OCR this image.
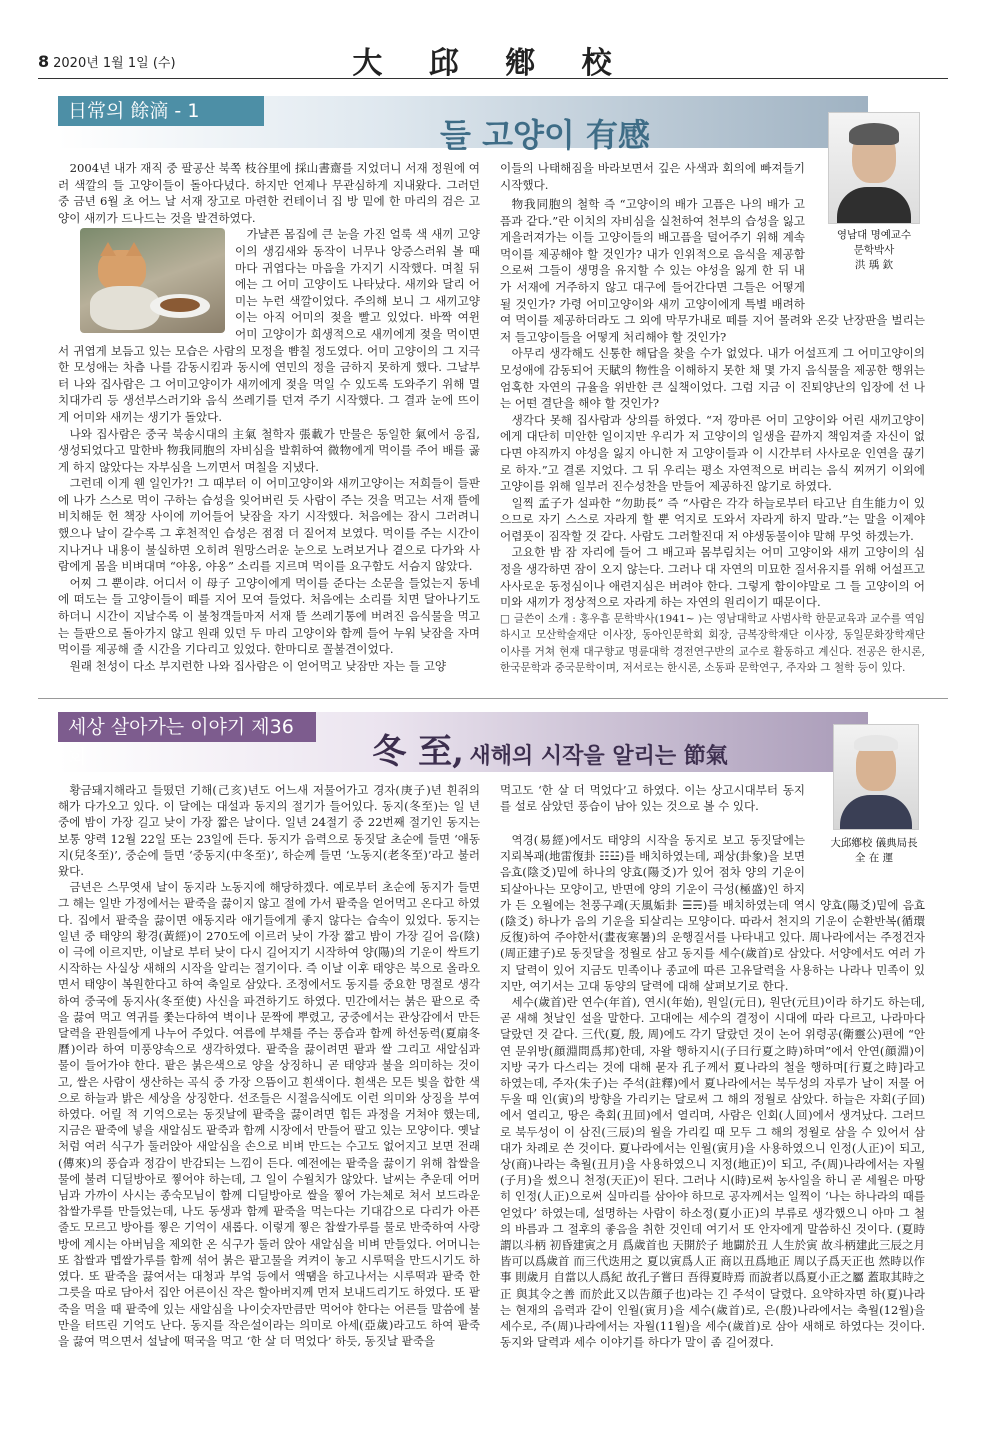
8 2020년 1월 1일 (수)	大 邱 鄕 校
日常의 餘滴 - 1
들 고양이 有感
영남대 명예교수
문학박사
洪 瑀 欽

2004년 내가 재직 중 팔공산 북쪽 枝谷里에 採山書齋를 지었더니 서재 정원에 여러 색깔의 들 고양이들이 돌아다녔다. 하지만 언제나 무관심하게 지내왔다. 그러던 중 금년 6월 초 어느 날 서재 장고로 마련한 컨테이너 집 방 밑에 한 마리의 검은 고양이 새끼가 드나드는 것을 발견하였다.

가냘픈 몸집에 큰 눈을 가진 얼룩 색 새끼 고양이의 생김새와 동작이 너무나 앙증스러워 볼 때마다 귀엽다는 마음을 가지기 시작했다. 며칠 뒤에는 그 어미 고양이도 나타났다. 새끼와 달리 어미는 누런 색깔이었다. 주의해 보니 그 새끼고양이는 아직 어미의 젖을 빨고 있었다. 바짝 여윈 어미 고양이가 희생적으로 새끼에게 젖을 먹이면서 귀엽게 보듬고 있는 모습은 사람의 모정을 뺨칠 정도였다. 어미 고양이의 그 지극한 모성애는 차츰 나를 감동시킴과 동시에 연민의 정을 금하지 못하게 했다. 그날부터 나와 집사람은 그 어미고양이가 새끼에게 젖을 먹일 수 있도록 도와주기 위해 멸치대가리 등 생선부스러기와 음식 쓰레기를 던져 주기 시작했다. 그 결과 눈에 뜨이게 어미와 새끼는 생기가 돌았다.

나와 집사람은 중국 북송시대의 主氣 철학자 張載가 만물은 동일한 氣에서 응집, 생성되었다고 말한바 物我同胞의 자비심을 발휘하여 微物에게 먹이를 주어 배를 곯게 하지 않았다는 자부심을 느끼면서 며칠을 지냈다.

그런데 이게 웬 일인가?! 그 때부터 이 어미고양이와 새끼고양이는 저희들이 들판에 나가 스스로 먹이 구하는 습성을 잊어버린 듯 사람이 주는 것을 먹고는 서재 뜰에 비치해둔 헌 책장 사이에 끼어들어 낮잠을 자기 시작했다. 처음에는 잠시 그러려니 했으나 날이 갈수록 그 후천적인 습성은 점점 더 짙어져 보였다. 먹이를 주는 시간이 지나거나 내용이 불실하면 오히려 원망스러운 눈으로 노려보거나 곁으로 다가와 사람에게 몸을 비벼대며 “야옹, 야옹” 소리를 지르며 먹이를 요구함도 서슴지 않았다.

어찌 그 뿐이랴. 어디서 이 母子 고양이에게 먹이를 준다는 소문을 들었는지 동네에 떠도는 들 고양이들이 떼를 지어 모여 들었다. 처음에는 소리를 치면 달아나기도 하더니 시간이 지날수록 이 불청객들마저 서재 뜰 쓰레기통에 버려진 음식물을 먹고는 들판으로 돌아가지 않고 원래 있던 두 마리 고양이와 함께 들어 누워 낮잠을 자며 먹이를 제공해 줄 시간을 기다리고 있었다. 한마디로 꼴불견이었다.

원래 천성이 다소 부지런한 나와 집사람은 이 얻어먹고 낮잠만 자는 들 고양

이들의 나태해짐을 바라보면서 깊은 사색과 회의에 빠져들기 시작했다.

物我同胞의 철학 즉 “고양이의 배가 고픔은 나의 배가 고픔과 같다.”란 이치의 자비심을 실천하여 천부의 습성을 잃고 게을러져가는 이들 고양이들의 배고픔을 덜어주기 위해 계속 먹이를 제공해야 할 것인가? 내가 인위적으로 음식을 제공함으로써 그들이 생명을 유지할 수 있는 야성을 잃게 한 뒤 내가 서재에 거주하지 않고 대구에 들어간다면 그들은 어떻게 될 것인가? 가령 어미고양이와 새끼 고양이에게 특별 배려하여 먹이를 제공하더라도 그 외에 막무가내로 떼를 지어 몰려와 온갖 난장판을 벌리는 저 들고양이들을 어떻게 처리해야 할 것인가?

아무리 생각해도 신통한 해답을 찾을 수가 없었다. 내가 어설프게 그 어미고양이의 모성애에 감동되어 天賦의 物性을 이해하지 못한 채 몇 가지 음식물을 제공한 행위는 엄혹한 자연의 규율을 위반한 큰 실책이었다. 그럼 지금 이 진퇴양난의 입장에 선 나는 어떤 결단을 해야 할 것인가?

생각다 못해 집사람과 상의를 하였다. “저 깡마른 어미 고양이와 어린 새끼고양이에게 대단히 미안한 일이지만 우리가 저 고양이의 일생을 끝까지 책임져줄 자신이 없다면 야직까지 야성을 잃지 아니한 저 고양이들과 이 시간부터 사사로운 인연을 끊기로 하자.”고 결론 지었다. 그 뒤 우리는 평소 자연적으로 버리는 음식 찌꺼기 이외에 고양이를 위해 일부러 진수성찬을 만들어 제공하진 않기로 하였다.

일찍 孟子가 설파한 “勿助長” 즉 “사람은 각각 하늘로부터 타고난 自生能力이 있으므로 자기 스스로 자라게 할 뿐 억지로 도와서 자라게 하지 말라.”는 말을 이제야 어렴풋이 짐작할 것 같다. 사람도 그러할진대 저 야생동물이야 말해 무엇 하겠는가.

고요한 밤 잠 자리에 들어 그 배고파 몸부림치는 어미 고양이와 새끼 고양이의 심정을 생각하면 잠이 오지 않는다. 그러나 대 자연의 미묘한 질서유지를 위해 어설프고 사사로운 동정심이나 애련지심은 버려야 한다. 그렇게 함이야말로 그 들 고양이의 어미와 새끼가 정상적으로 자라게 하는 자연의 원리이기 때문이다.

□ 글쓴이 소개 : 홍우흠 문학박사(1941~ )는 영남대학교 사범사학 한문교육과 교수를 역임하시고 모산학술재단 이사장, 동아인문학회 회장, 금복장학재단 이사장, 동일문화장학재단 이사를 거쳐 현재 대구향교 명륜대학 경전연구반의 교수로 활동하고 계신다. 전공은 한시론, 한국문학과 중국문학이며, 저서로는 한시론, 소동파 문학연구, 주자와 그 철학 등이 있다.

세상 살아가는 이야기 제36회	冬 至, 새해의 시작을 알리는 節氣
大邱鄕校 儀典局長
全 在 運

황금돼지해라고 들떴던 기해(己亥)년도 어느새 저물어가고 경자(庚子)년 흰쥐의 해가 다가오고 있다. 이 달에는 대설과 동지의 절기가 들어있다. 동지(冬至)는 일 년 중에 밤이 가장 길고 낮이 가장 짧은 날이다. 일년 24절기 중 22번째 절기인 동지는 보통 양력 12월 22일 또는 23일에 든다. 동지가 음력으로 동짓달 초순에 들면 ‘애동지(兒冬至)’, 중순에 들면 ‘중동지(中冬至)’, 하순께 들면 ‘노동지(老冬至)’라고 불러왔다.

금년은 스무엿새 날이 동지라 노동지에 해당하겠다. 예로부터 초순에 동지가 들면 그 해는 일반 가정에서는 팥죽을 끓이지 않고 절에 가서 팥죽을 얻어먹고 온다고 하였다. 집에서 팥죽을 끓이면 애동지라 애기들에게 좋지 않다는 습속이 있었다. 동지는 일년 중 태양의 황경(黃經)이 270도에 이르러 낮이 가장 짧고 밤이 가장 길어 음(陰)이 극에 이르지만, 이날로 부터 낮이 다시 길어지기 시작하여 양(陽)의 기운이 싹트기 시작하는 사실상 새해의 시작을 알리는 절기이다. 즉 이날 이후 태양은 북으로 올라오면서 태양이 복원한다고 하여 축일로 삼았다. 조정에서도 동지를 중요한 명절로 생각하여 중국에 동지사(冬至使) 사신을 파견하기도 하였다. 민간에서는 붉은 팥으로 죽을 끓여 먹고 역귀를 쫓는다하여 벽이나 문짝에 뿌렸고, 궁중에서는 관상감에서 만든 달력을 관원들에게 나누어 주었다. 여름에 부채를 주는 풍습과 함께 하선동력(夏扇冬曆)이라 하여 미풍양속으로 생각하였다. 팥죽을 끓이려면 팥과 쌀 그리고 새알심과 물이 들어가야 한다. 팥은 붉은색으로 양을 상징하니 곧 태양과 불을 의미하는 것이고, 쌀은 사람이 생산하는 곡식 중 가장 으뜸이고 흰색이다. 흰색은 모든 빛을 합한 색으로 하늘과 밝은 세상을 상징한다. 선조들은 시절음식에도 이런 의미와 상징을 부여하였다. 어릴 적 기억으로는 동짓날에 팥죽을 끓이려면 힘든 과정을 거쳐야 했는데, 지금은 팥죽에 넣을 새알심도 팥죽과 함께 시장에서 만들어 팔고 있는 모양이다. 옛날처럼 여러 식구가 둘러앉아 새알심을 손으로 비벼 만드는 수고도 없어지고 보면 전래(傳來)의 풍습과 정감이 반감되는 느낌이 든다. 예전에는 팥죽을 끓이기 위해 찹쌀을 물에 불려 디딜방아로 찧어야 하는데, 그 일이 수월치가 않았다. 날씨는 추운데 어머님과 가까이 사시는 종숙모님이 함께 디딜방아로 쌀을 찧어 가는체로 쳐서 보드라운 찹쌀가루를 만들었는데, 나도 동생과 함께 팥죽을 먹는다는 기대감으로 다리가 아픈 줄도 모르고 방아를 찧은 기억이 새롭다. 이렇게 찧은 찹쌀가루를 물로 반죽하여 사랑방에 계시는 아버님을 제외한 온 식구가 둘러 앉아 새알심을 비벼 만들었다. 어머니는 또 찹쌀과 멥쌀가루를 함께 섞어 붉은 팥고물을 켜켜이 놓고 시루떡을 만드시기도 하였다. 또 팥죽을 끓여서는 대청과 부엌 등에서 액땜을 하고나서는 시루떡과 팥죽 한 그릇을 따로 담아서 집안 어른이신 작은 할아버지께 먼저 보내드리기도 하였다. 또 팥죽을 먹을 때 팥죽에 있는 새알심을 나이숫자만큼만 먹어야 한다는 어른들 말씀에 불만을 터뜨린 기억도 난다. 동지를 작은설이라는 의미로 아세(亞歲)라고도 하여 팥죽을 끓여 먹으면서 설날에 떡국을 먹고 ‘한 살 더 먹었다’ 하듯, 동짓날 팥죽을

먹고도 ‘한 살 더 먹었다’고 하였다. 이는 상고시대부터 동지를 설로 삼았던 풍습이 남아 있는 것으로 볼 수 있다.

역경(易經)에서도 태양의 시작을 동지로 보고 동짓달에는 지뢰복괘(地雷復卦 ☷☳)를 배치하였는데, 괘상(卦象)을 보면 음효(陰爻)밑에 하나의 양효(陽爻)가 있어 점차 양의 기운이 되살아나는 모양이고, 반면에 양의 기운이 극성(極盛)인 하지가 든 오월에는 천풍구괘(天風姤卦 ☰☴)를 배치하였는데 역시 양효(陽爻)밑에 음효(陰爻) 하나가 음의 기운을 되살리는 모양이다. 따라서 천지의 기운이 순환반복(循環反復)하여 주야한서(晝夜寒暑)의 운행질서를 나타내고 있다. 周나라에서는 주정건자(周正建子)로 동짓달을 정월로 삼고 동지를 세수(歲首)로 삼았다. 서양에서도 여러 가지 달력이 있어 지금도 민족이나 종교에 따른 고유달력을 사용하는 나라나 민족이 있지만, 여기서는 고대 동양의 달력에 대해 살펴보기로 한다.

세수(歲首)란 연수(年首), 연시(年始), 원일(元日), 원단(元旦)이라 하기도 하는데, 곧 새해 첫날인 설을 말한다. 고대에는 세수의 결정이 시대에 따라 다르고, 나라마다 달랐던 것 같다. 三代(夏, 殷, 周)에도 각기 달랐던 것이 논어 위령공(衛靈公)편에 “안연 문위방(顔淵問爲邦)한데, 자왈 행하지시(子曰行夏之時)하며”에서 안연(顔淵)이 지방 국가 다스리는 것에 대해 묻자 孔子께서 夏나라의 철을 행하며[行夏之時]라고 하였는데, 주자(朱子)는 주석(註釋)에서 夏나라에서는 북두성의 자루가 날이 저물 어두울 때 인(寅)의 방향을 가리키는 달로써 그 해의 정월로 삼았다. 하늘은 자회(子回)에서 열리고, 땅은 축회(丑回)에서 열리며, 사람은 인회(人回)에서 생겨났다. 그러므로 북두성이 이 삼진(三辰)의 월을 가리킬 때 모두 그 해의 정월로 삼을 수 있어서 삼대가 차례로 쓴 것이다. 夏나라에서는 인월(寅月)을 사용하였으니 인정(人正)이 되고, 상(商)나라는 축월(丑月)을 사용하였으니 지정(地正)이 되고, 주(周)나라에서는 자월(子月)을 썼으니 천정(天正)이 된다. 그러나 시(時)로써 농사일을 하니 곧 세월은 마땅히 인정(人正)으로써 실마리를 삼아야 하므로 공자께서는 일찍이 ‘나는 하나라의 때를 얻었다’ 하였는데, 설명하는 사람이 하소정(夏小正)의 부류로 생각했으니 아마 그 철의 바름과 그 절후의 좋음을 취한 것인데 여기서 또 안자에게 말씀하신 것이다. (夏時 謂以斗柄 初昏建寅之月 爲歲首也 天開於子 地闢於丑 人生於寅 故斗柄建此三辰之月 皆可以爲歲首 而三代迭用之 夏以寅爲人正 商以丑爲地正 周以子爲天正也 然時以作事 則歲月 自當以人爲紀 故孔子嘗曰 吾得夏時焉 而說者以爲夏小正之屬 蓋取其時之正 與其令之善 而於此又以告顔子也)라는 긴 주석이 달렸다. 요약하자면 하(夏)나라는 현재의 음력과 같이 인월(寅月)을 세수(歲首)로, 은(殷)나라에서는 축월(12월)을 세수로, 주(周)나라에서는 자월(11월)을 세수(歲首)로 삼아 새해로 하였다는 것이다. 동지와 달력과 세수 이야기를 하다가 말이 좀 길어졌다.
